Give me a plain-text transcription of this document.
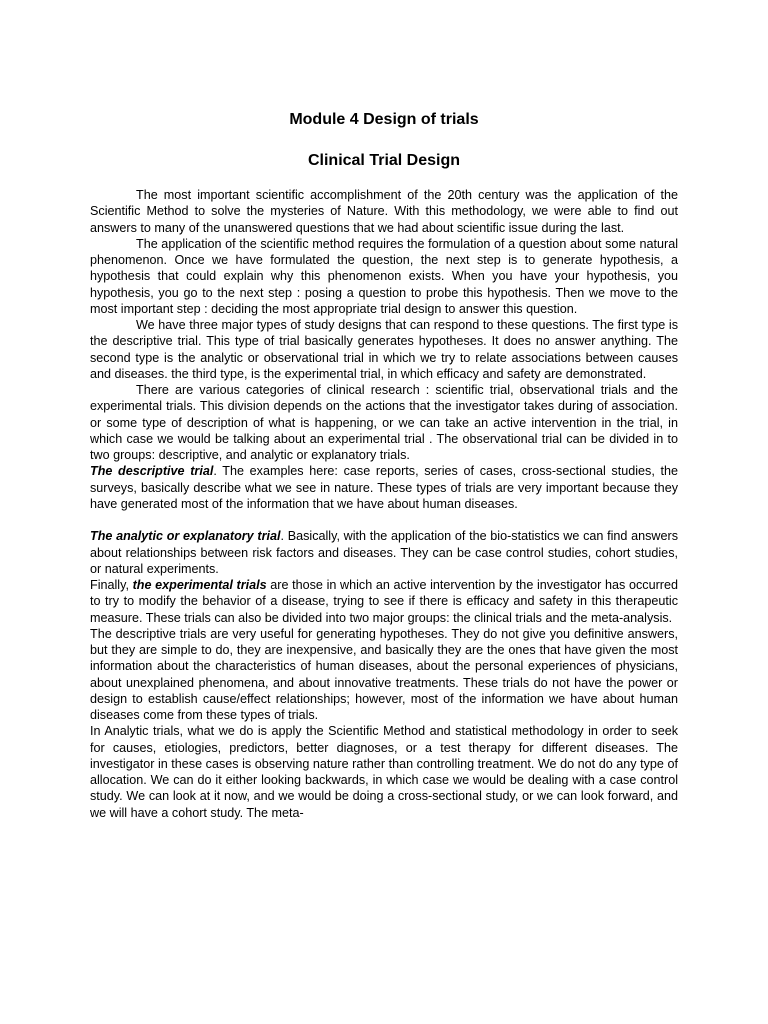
Module 4 Design of trials
Clinical Trial Design

The most important scientific accomplishment of the 20th century was the application of the Scientific Method to solve the mysteries of Nature. With this methodology, we were able to find out answers to many of the unanswered questions that we had about scientific issue during the last.

The application of the scientific method requires the formulation of a question about some natural phenomenon. Once we have formulated the question, the next step is to generate hypothesis, a hypothesis that could explain why this phenomenon exists. When you have your hypothesis, you hypothesis, you go to the next step : posing a question to probe this hypothesis. Then we move to the most important step : deciding the most appropriate trial design to answer this question.

We have three major types of study designs that can respond to these questions. The first type is the descriptive trial. This type of trial basically generates hypotheses. It does no answer anything. The second type is the analytic or observational trial in which we try to relate associations between causes and diseases. the third type, is the experimental trial, in which efficacy and safety are demonstrated.

There are various categories of clinical research : scientific trial, observational trials and the experimental trials. This division depends on the actions that the investigator takes during of association. or some type of description of what is happening, or we can take an active intervention in the trial, in which case we would be talking about an experimental trial . The observational trial can be divided in to two groups: descriptive, and analytic or explanatory trials.

The descriptive trial. The examples here: case reports, series of cases, cross-sectional studies, the surveys, basically describe what we see in nature. These types of trials are very important because they have generated most of the information that we have about human diseases.

The analytic or explanatory trial. Basically, with the application of the bio-statistics we can find answers about relationships between risk factors and diseases. They can be case control studies, cohort studies, or natural experiments.

Finally, the experimental trials are those in which an active intervention by the investigator has occurred to try to modify the behavior of a disease, trying to see if there is efficacy and safety in this therapeutic measure. These trials can also be divided into two major groups: the clinical trials and the meta-analysis.

The descriptive trials are very useful for generating hypotheses. They do not give you definitive answers, but they are simple to do, they are inexpensive, and basically they are the ones that have given the most information about the characteristics of human diseases, about the personal experiences of physicians, about unexplained phenomena, and about innovative treatments. These trials do not have the power or design to establish cause/effect relationships; however, most of the information we have about human diseases come from these types of trials.

In Analytic trials, what we do is apply the Scientific Method and statistical methodology in order to seek for causes, etiologies, predictors, better diagnoses, or a test therapy for different diseases. The investigator in these cases is observing nature rather than controlling treatment. We do not do any type of allocation. We can do it either looking backwards, in which case we would be dealing with a case control study. We can look at it now, and we would be doing a cross-sectional study, or we can look forward, and we will have a cohort study. The meta-
